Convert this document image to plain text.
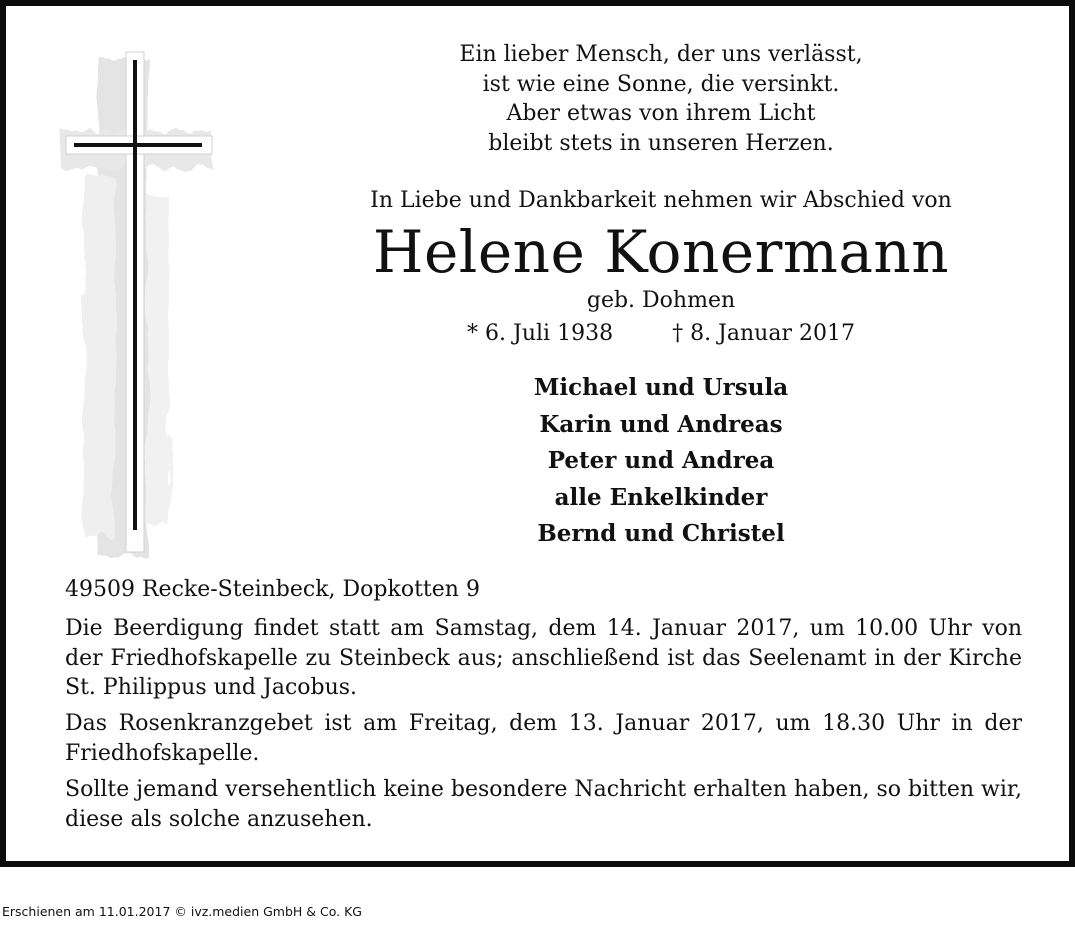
Ein lieber Mensch, der uns verlässt,
ist wie eine Sonne, die versinkt.
Aber etwas von ihrem Licht
bleibt stets in unseren Herzen.
In Liebe und Dankbarkeit nehmen wir Abschied von
Helene Konermann
geb. Dohmen
* 6. Juli 1938	† 8. Januar 2017
Michael und Ursula
Karin und Andreas
Peter und Andrea
alle Enkelkinder
Bernd und Christel
49509 Recke-Steinbeck, Dopkotten 9
Die Beerdigung findet statt am Samstag, dem 14. Januar 2017, um 10.00 Uhr von der Friedhofskapelle zu Steinbeck aus; anschließend ist das Seelenamt in der Kirche St. Philippus und Jacobus.
Das Rosenkranzgebet ist am Freitag, dem 13. Januar 2017, um 18.30 Uhr in der Friedhofskapelle.
Sollte jemand versehentlich keine besondere Nachricht erhalten haben, so bitten wir, diese als solche anzusehen.
Erschienen am 11.01.2017 © ivz.medien GmbH & Co. KG
